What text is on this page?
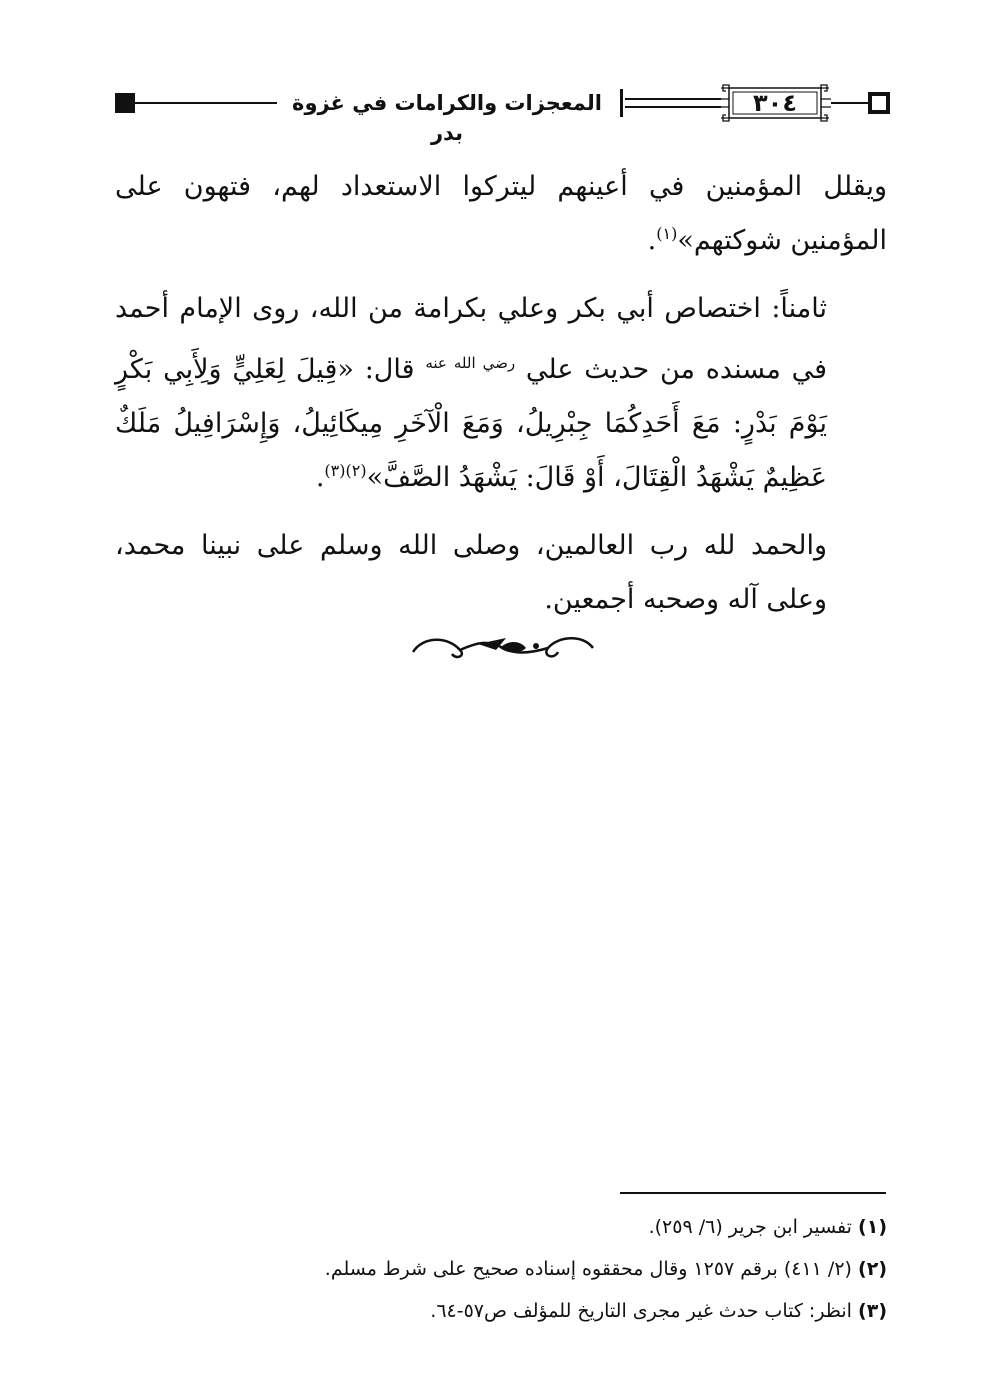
المعجزات والكرامات في غزوة بدر
٣٠٤

ويقلل المؤمنين في أعينهم ليتركوا الاستعداد لهم، فتهون على المؤمنين شوكتهم»$^{(١)}$.

ثامناً: اختصاص أبي بكر وعلي بكرامة من الله، روى الإمام أحمد في مسنده من حديث علي $^{رضي الله عنه}$ قال: «قِيلَ لِعَلِيٍّ وَلِأَبِي بَكْرٍ يَوْمَ بَدْرٍ: مَعَ أَحَدِكُمَا جِبْرِيلُ، وَمَعَ الْآخَرِ مِيكَائِيلُ، وَإِسْرَافِيلُ مَلَكٌ عَظِيمٌ يَشْهَدُ الْقِتَالَ، أَوْ قَالَ: يَشْهَدُ الصَّفَّ»$^{(٢)(٣)}$.

والحمد لله رب العالمين، وصلى الله وسلم على نبينا محمد، وعلى آله وصحبه أجمعين.

(١) تفسير ابن جرير (٦/ ٢٥٩).

(٢) (٢/ ٤١١) برقم ١٢٥٧ وقال محققوه إسناده صحيح على شرط مسلم.

(٣) انظر: كتاب حدث غير مجرى التاريخ للمؤلف ص٥٧-٦٤.
